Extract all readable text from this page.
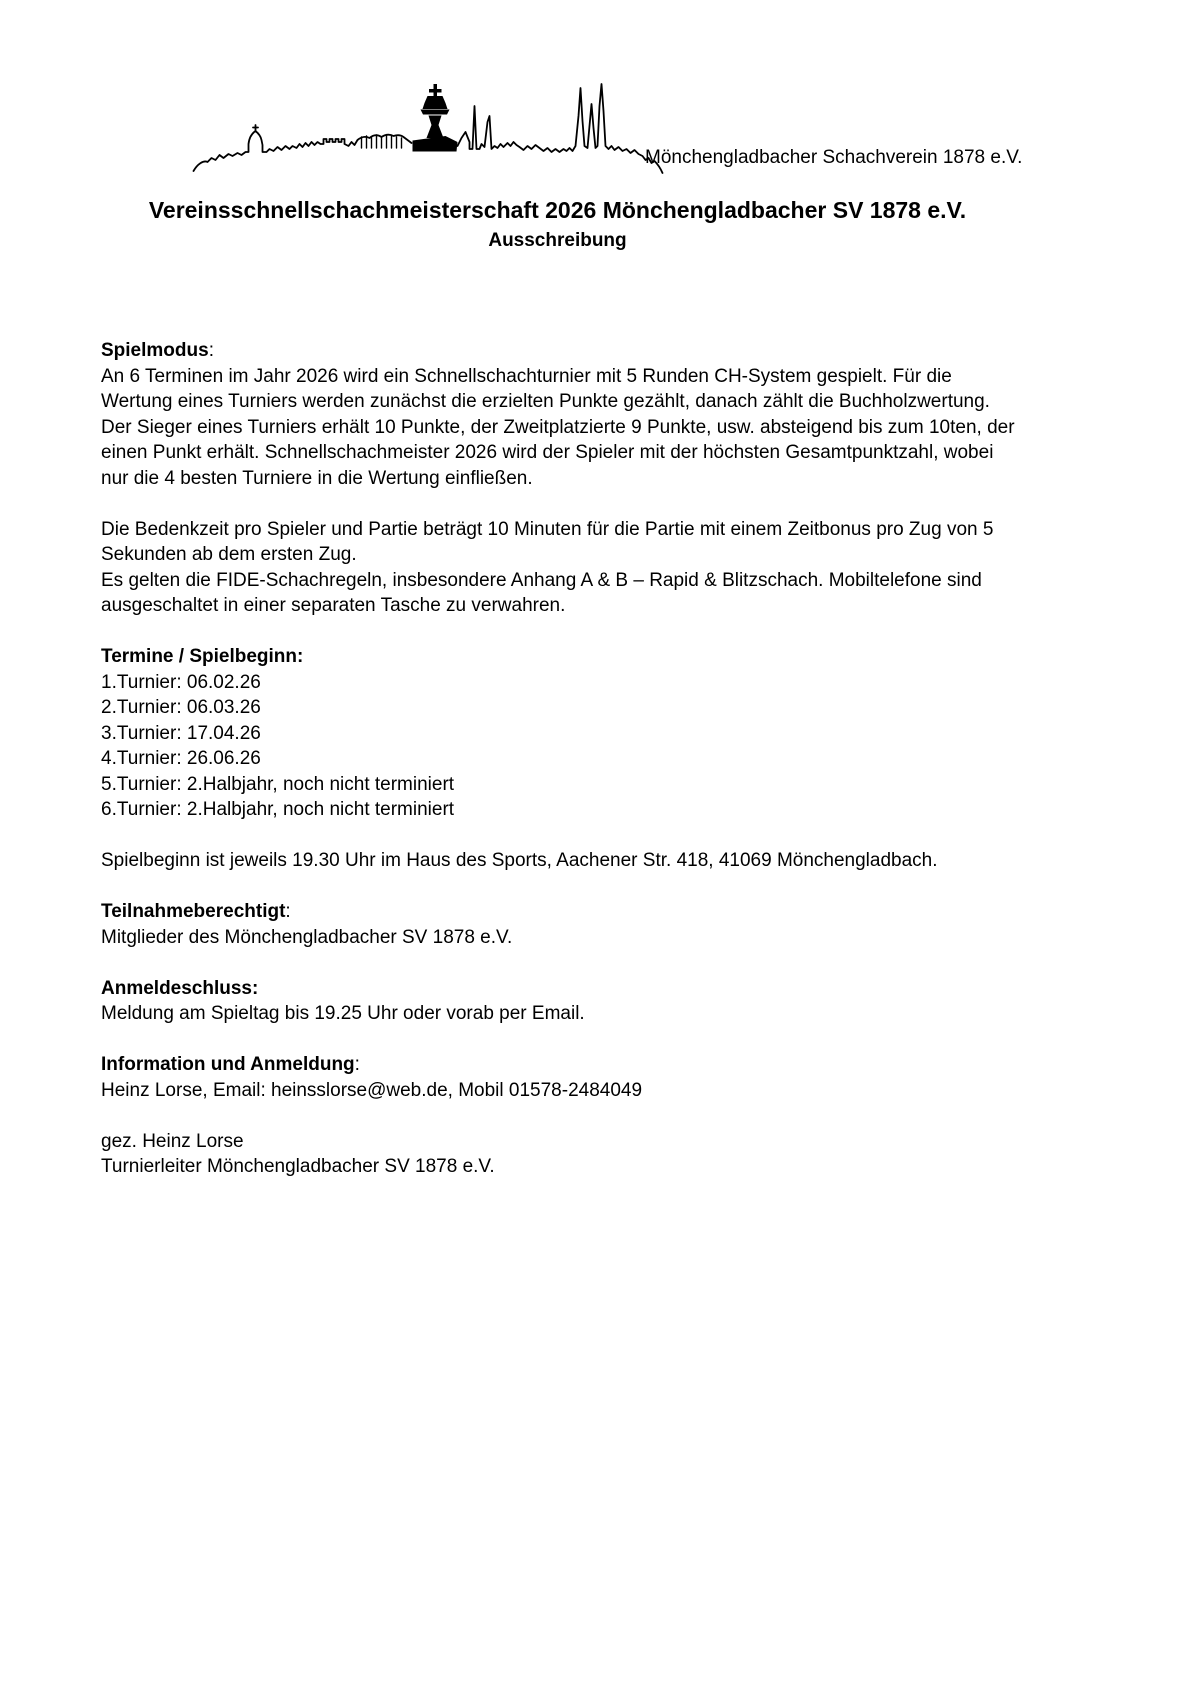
Mönchengladbacher Schachverein 1878 e.V.
Vereinsschnellschachmeisterschaft 2026 Mönchengladbacher SV 1878 e.V.
Ausschreibung
Spielmodus:
An 6 Terminen im Jahr 2026 wird ein Schnellschachturnier mit 5 Runden CH-System gespielt. Für die
Wertung eines Turniers werden zunächst die erzielten Punkte gezählt, danach zählt die Buchholzwertung.
Der Sieger eines Turniers erhält 10 Punkte, der Zweitplatzierte 9 Punkte, usw. absteigend bis zum 10ten, der
einen Punkt erhält. Schnellschachmeister 2026 wird der Spieler mit der höchsten Gesamtpunktzahl, wobei
nur die 4 besten Turniere in die Wertung einfließen.
Die Bedenkzeit pro Spieler und Partie beträgt 10 Minuten für die Partie mit einem Zeitbonus pro Zug von 5
Sekunden ab dem ersten Zug.
Es gelten die FIDE-Schachregeln, insbesondere Anhang A & B – Rapid & Blitzschach. Mobiltelefone sind
ausgeschaltet in einer separaten Tasche zu verwahren.
Termine / Spielbeginn:
1.Turnier: 06.02.26
2.Turnier: 06.03.26
3.Turnier: 17.04.26
4.Turnier: 26.06.26
5.Turnier: 2.Halbjahr, noch nicht terminiert
6.Turnier: 2.Halbjahr, noch nicht terminiert
Spielbeginn ist jeweils 19.30 Uhr im Haus des Sports, Aachener Str. 418, 41069 Mönchengladbach.
Teilnahmeberechtigt:
Mitglieder des Mönchengladbacher SV 1878 e.V.
Anmeldeschluss:
Meldung am Spieltag bis 19.25 Uhr oder vorab per Email.
Information und Anmeldung:
Heinz Lorse, Email: heinsslorse@web.de, Mobil 01578-2484049
gez. Heinz Lorse
Turnierleiter Mönchengladbacher SV 1878 e.V.
